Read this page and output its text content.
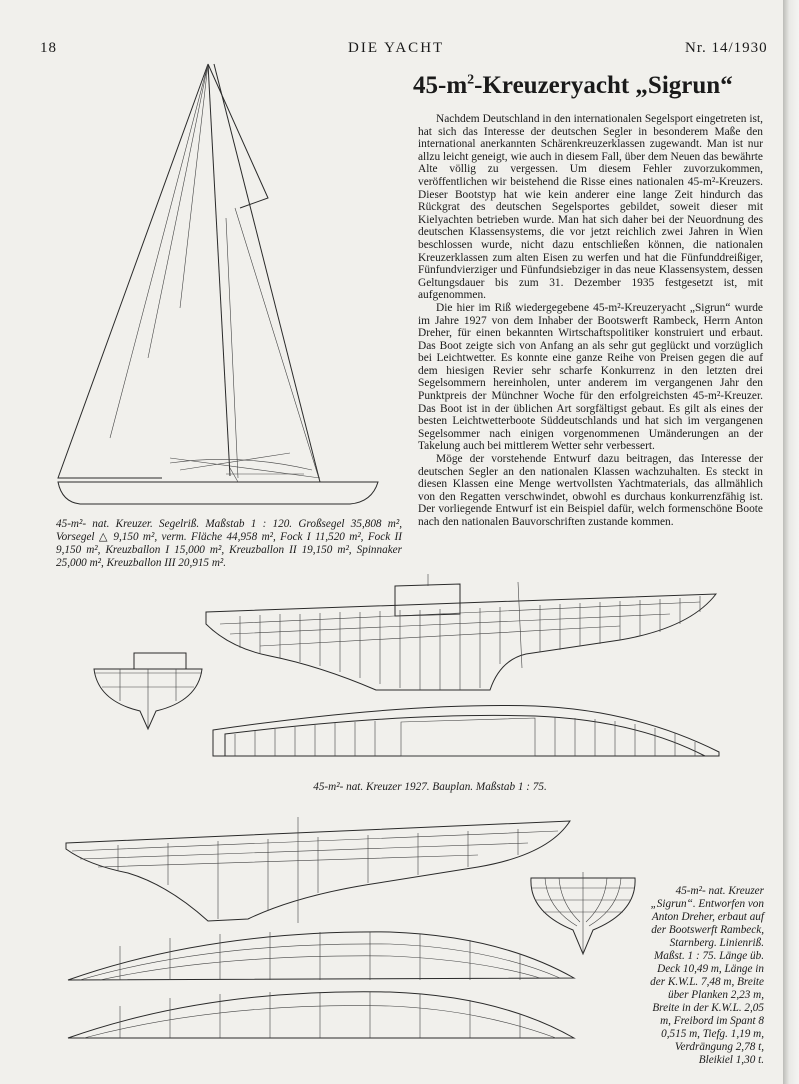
18	DIE YACHT	Nr. 14/1930
$45-m^2$-Kreuzeryacht „Sigrun“

Nachdem Deutschland in den internationalen Segelsport eingetreten ist, hat sich das Interesse der deutschen Segler in besonderem Maße den international anerkannten Schärenkreuzerklassen zugewandt. Man ist nur allzu leicht geneigt, wie auch in diesem Fall, über dem Neuen das bewährte Alte völlig zu vergessen. Um diesem Fehler zuvorzukommen, veröffentlichen wir beistehend die Risse eines nationalen 45-m²-Kreuzers. Dieser Bootstyp hat wie kein anderer eine lange Zeit hindurch das Rückgrat des deutschen Segelsportes gebildet, soweit dieser mit Kielyachten betrieben wurde. Man hat sich daher bei der Neuordnung des deutschen Klassensystems, die vor jetzt reichlich zwei Jahren in Wien beschlossen wurde, nicht dazu entschließen können, die nationalen Kreuzerklassen zum alten Eisen zu werfen und hat die Fünfunddreißiger, Fünfundvierziger und Fünfundsiebziger in das neue Klassensystem, dessen Geltungsdauer bis zum 31. Dezember 1935 festgesetzt ist, mit aufgenommen.

Die hier im Riß wiedergegebene 45-m²-Kreuzeryacht „Sigrun“ wurde im Jahre 1927 von dem Inhaber der Bootswerft Rambeck, Herrn Anton Dreher, für einen bekannten Wirtschaftspolitiker konstruiert und erbaut. Das Boot zeigte sich von Anfang an als sehr gut geglückt und vorzüglich bei Leichtwetter. Es konnte eine ganze Reihe von Preisen gegen die auf dem hiesigen Revier sehr scharfe Konkurrenz in den letzten drei Segelsommern hereinholen, unter anderem im vergangenen Jahr den Punktpreis der Münchner Woche für den erfolgreichsten 45-m²-Kreuzer. Das Boot ist in der üblichen Art sorgfältigst gebaut. Es gilt als eines der besten Leichtwetterboote Süddeutschlands und hat sich im vergangenen Segelsommer nach einigen vorgenommenen Umänderungen an der Takelung auch bei mittlerem Wetter sehr verbessert.

Möge der vorstehende Entwurf dazu beitragen, das Interesse der deutschen Segler an den nationalen Klassen wachzuhalten. Es steckt in diesen Klassen eine Menge wertvollsten Yachtmaterials, das allmählich von den Regatten verschwindet, obwohl es durchaus konkurrenzfähig ist. Der vorliegende Entwurf ist ein Beispiel dafür, welch formenschöne Boote nach den nationalen Bauvorschriften zustande kommen.

45-m²- nat. Kreuzer. Segelriß. Maßstab 1 : 120. Großsegel 35,808 m², Vorsegel △ 9,150 m², verm. Fläche 44,958 m², Fock I 11,520 m², Fock II 9,150 m², Kreuzballon I 15,000 m², Kreuzballon II 19,150 m², Spinnaker 25,000 m², Kreuzballon III 20,915 m².
45-m²- nat. Kreuzer 1927. Bauplan. Maßstab 1 : 75.
45-m²- nat. Kreuzer „Sigrun“. Entworfen von Anton Dreher, erbaut auf der Bootswerft Rambeck, Starnberg. Linienriß. Maßst. 1 : 75. Länge üb. Deck 10,49 m, Länge in der K.W.L. 7,48 m, Breite über Planken 2,23 m, Breite in der K.W.L. 2,05 m, Freibord im Spant 8 0,515 m, Tiefg. 1,19 m, Verdrängung 2,78 t, Bleikiel 1,30 t.
